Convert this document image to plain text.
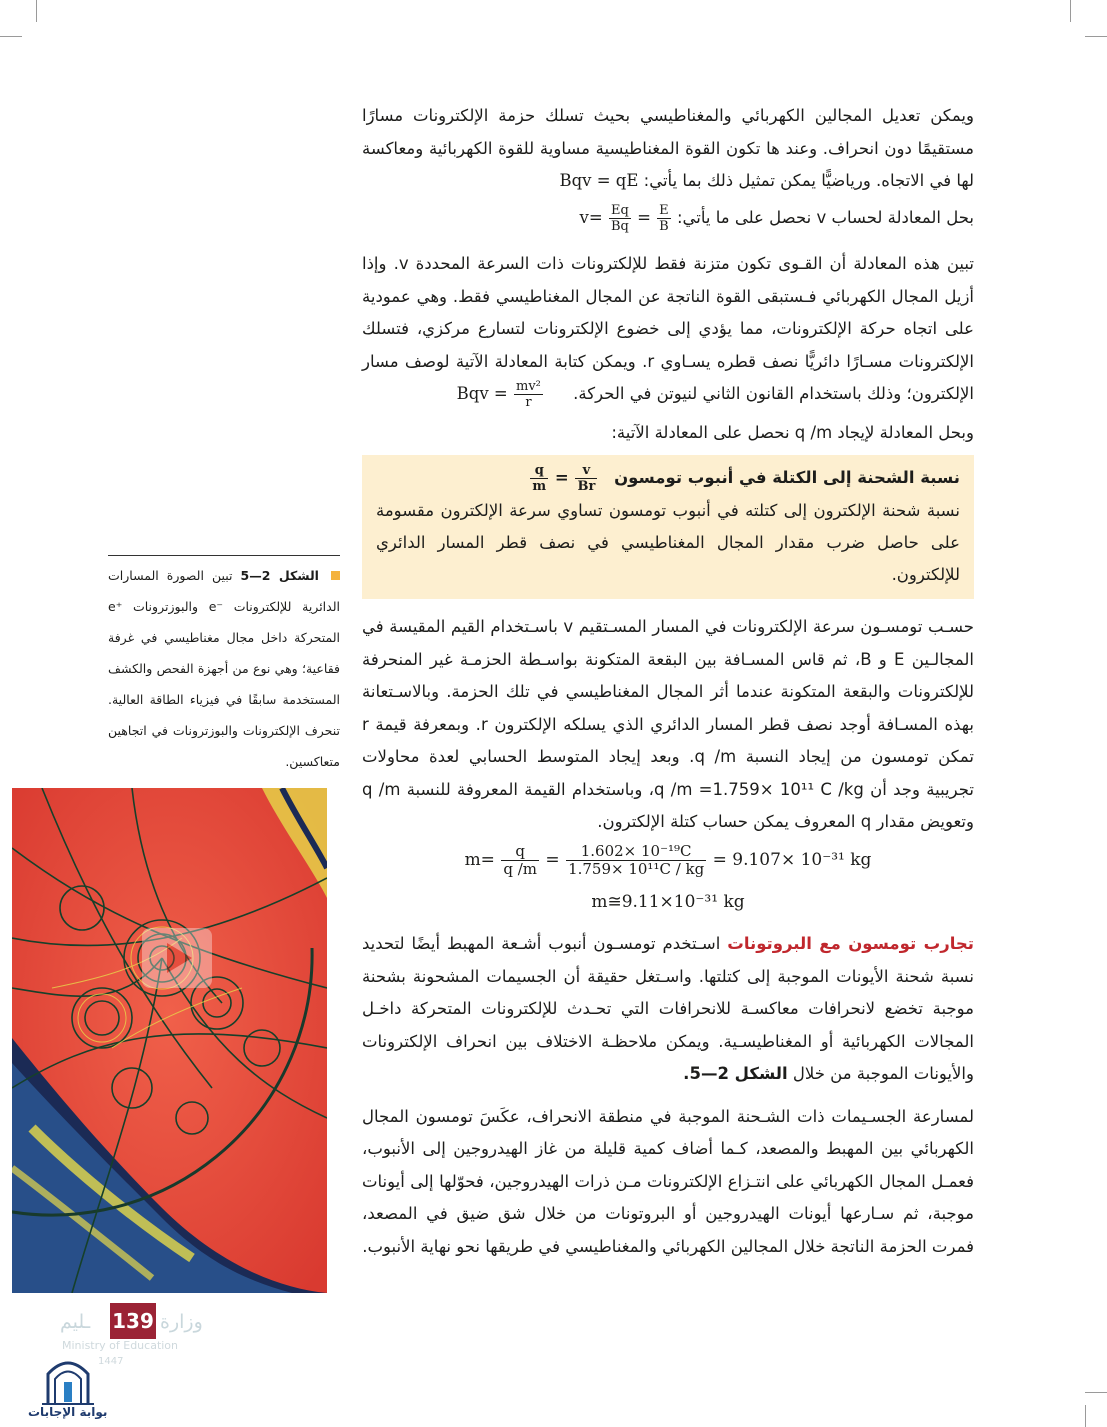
ويمكن تعديل المجالين الكهربائي والمغناطيسي بحيث تسلك حزمة الإلكترونات مسارًا مستقيمًا دون انحراف. وعند ها تكون القوة المغناطيسية مساوية للقوة الكهربائية ومعاكسة لها في الاتجاه. ورياضيًّا يمكن تمثيل ذلك بما يأتي: Bqv = qE

بحل المعادلة لحساب v نحصل على ما يأتي: $v= \frac{Eq}{Bq} = \frac{E}{B}$

تبين هذه المعادلة أن القـوى تكون متزنة فقط للإلكترونات ذات السرعة المحددة v. وإذا أزيل المجال الكهربائي فـستبقى القوة الناتجة عن المجال المغناطيسي فقط. وهي عمودية على اتجاه حركة الإلكترونات، مما يؤدي إلى خضوع الإلكترونات لتسارع مركزي، فتسلك الإلكترونات مسـارًا دائريًّا نصف قطره يسـاوي r. ويمكن كتابة المعادلة الآتية لوصف مسار الإلكترون؛ وذلك باستخدام القانون الثاني لنيوتن في الحركة. Bqv = $\frac{\text{mv²}}{r}$

وبحل المعادلة لإيجاد q /m نحصل على المعادلة الآتية:

نسبة الشحنة إلى الكتلة في أنبوب تومسون
$\frac{q}{m} = \frac{v}{Br}$
نسبة شحنة الإلكترون إلى كتلته في أنبوب تومسون تساوي سرعة الإلكترون مقسومة على حاصل ضرب مقدار المجال المغناطيسي في نصف قطر المسار الدائري للإلكترون.

حسـب تومسـون سرعة الإلكترونات في المسار المسـتقيم v باسـتخدام القيم المقيسة في المجالـين E و B، ثم قاس المسـافة بين البقعة المتكونة بواسـطة الحزمـة غير المنحرفة للإلكترونات والبقعة المتكونة عندما أثر المجال المغناطيسي في تلك الحزمة. وبالاسـتعانة بهذه المسـافة أوجد نصف قطر المسار الدائري الذي يسلكه الإلكترون r. وبمعرفة قيمة r تمكن تومسون من إيجاد النسبة q /m. وبعد إيجاد المتوسط الحسابي لعدة محاولات تجريبية وجد أن q /m =1.759× 10¹¹ C /kg، وباستخدام القيمة المعروفة للنسبة q /m وتعويض مقدار q المعروف يمكن حساب كتلة الإلكترون.

$m= \frac{q}{q /m} = \frac{\text{1.602× 10⁻¹⁹C}}{\text{1.759× 10¹¹C / kg}} = 9.107\times 10^{-31}$ kg
m≅9.11×10⁻³¹ kg

تجارب تومسون مع البروتونات اسـتخدم تومسـون أنبوب أشـعة المهبط أيضًا لتحديد نسبة شحنة الأيونات الموجبة إلى كتلتها. واسـتغل حقيقة أن الجسيمات المشحونة بشحنة موجبة تخضع لانحرافات معاكسـة للانحرافات التي تحـدث للإلكترونات المتحركة داخـل المجالات الكهربائية أو المغناطيسـية. ويمكن ملاحظـة الاختلاف بين انحراف الإلكترونات والأيونات الموجبة من خلال الشكل 2—5.

لمسارعة الجسـيمات ذات الشـحنة الموجبة في منطقة الانحراف، عكَسَ تومسون المجال الكهربائي بين المهبط والمصعد، كـما أضاف كمية قليلة من غاز الهيدروجين إلى الأنبوب، فعمـل المجال الكهربائي على انتـزاع الإلكترونات مـن ذرات الهيدروجين، فحوّلها إلى أيونات موجبة، ثم سـارعها أيونات الهيدروجين أو البروتونات من خلال شق ضيق في المصعد، فمرت الحزمة الناتجة خلال المجالين الكهربائي والمغناطيسي في طريقها نحو نهاية الأنبوب.

الشكل 2—5 تبين الصورة المسارات الدائرية للإلكترونات ‎e⁻‎ والبوزترونات ‎e⁺‎ المتحركة داخل مجال مغناطيسي في غرفة فقاعية؛ وهي نوع من أجهزة الفحص والكشف المستخدمة سابقًا في فيزياء الطاقة العالية. تنحرف الإلكترونات والبوزترونات في اتجاهين متعاكسين.
ـليم	وزارة
Ministry of Education
1447
139
بوابة الإجابات
